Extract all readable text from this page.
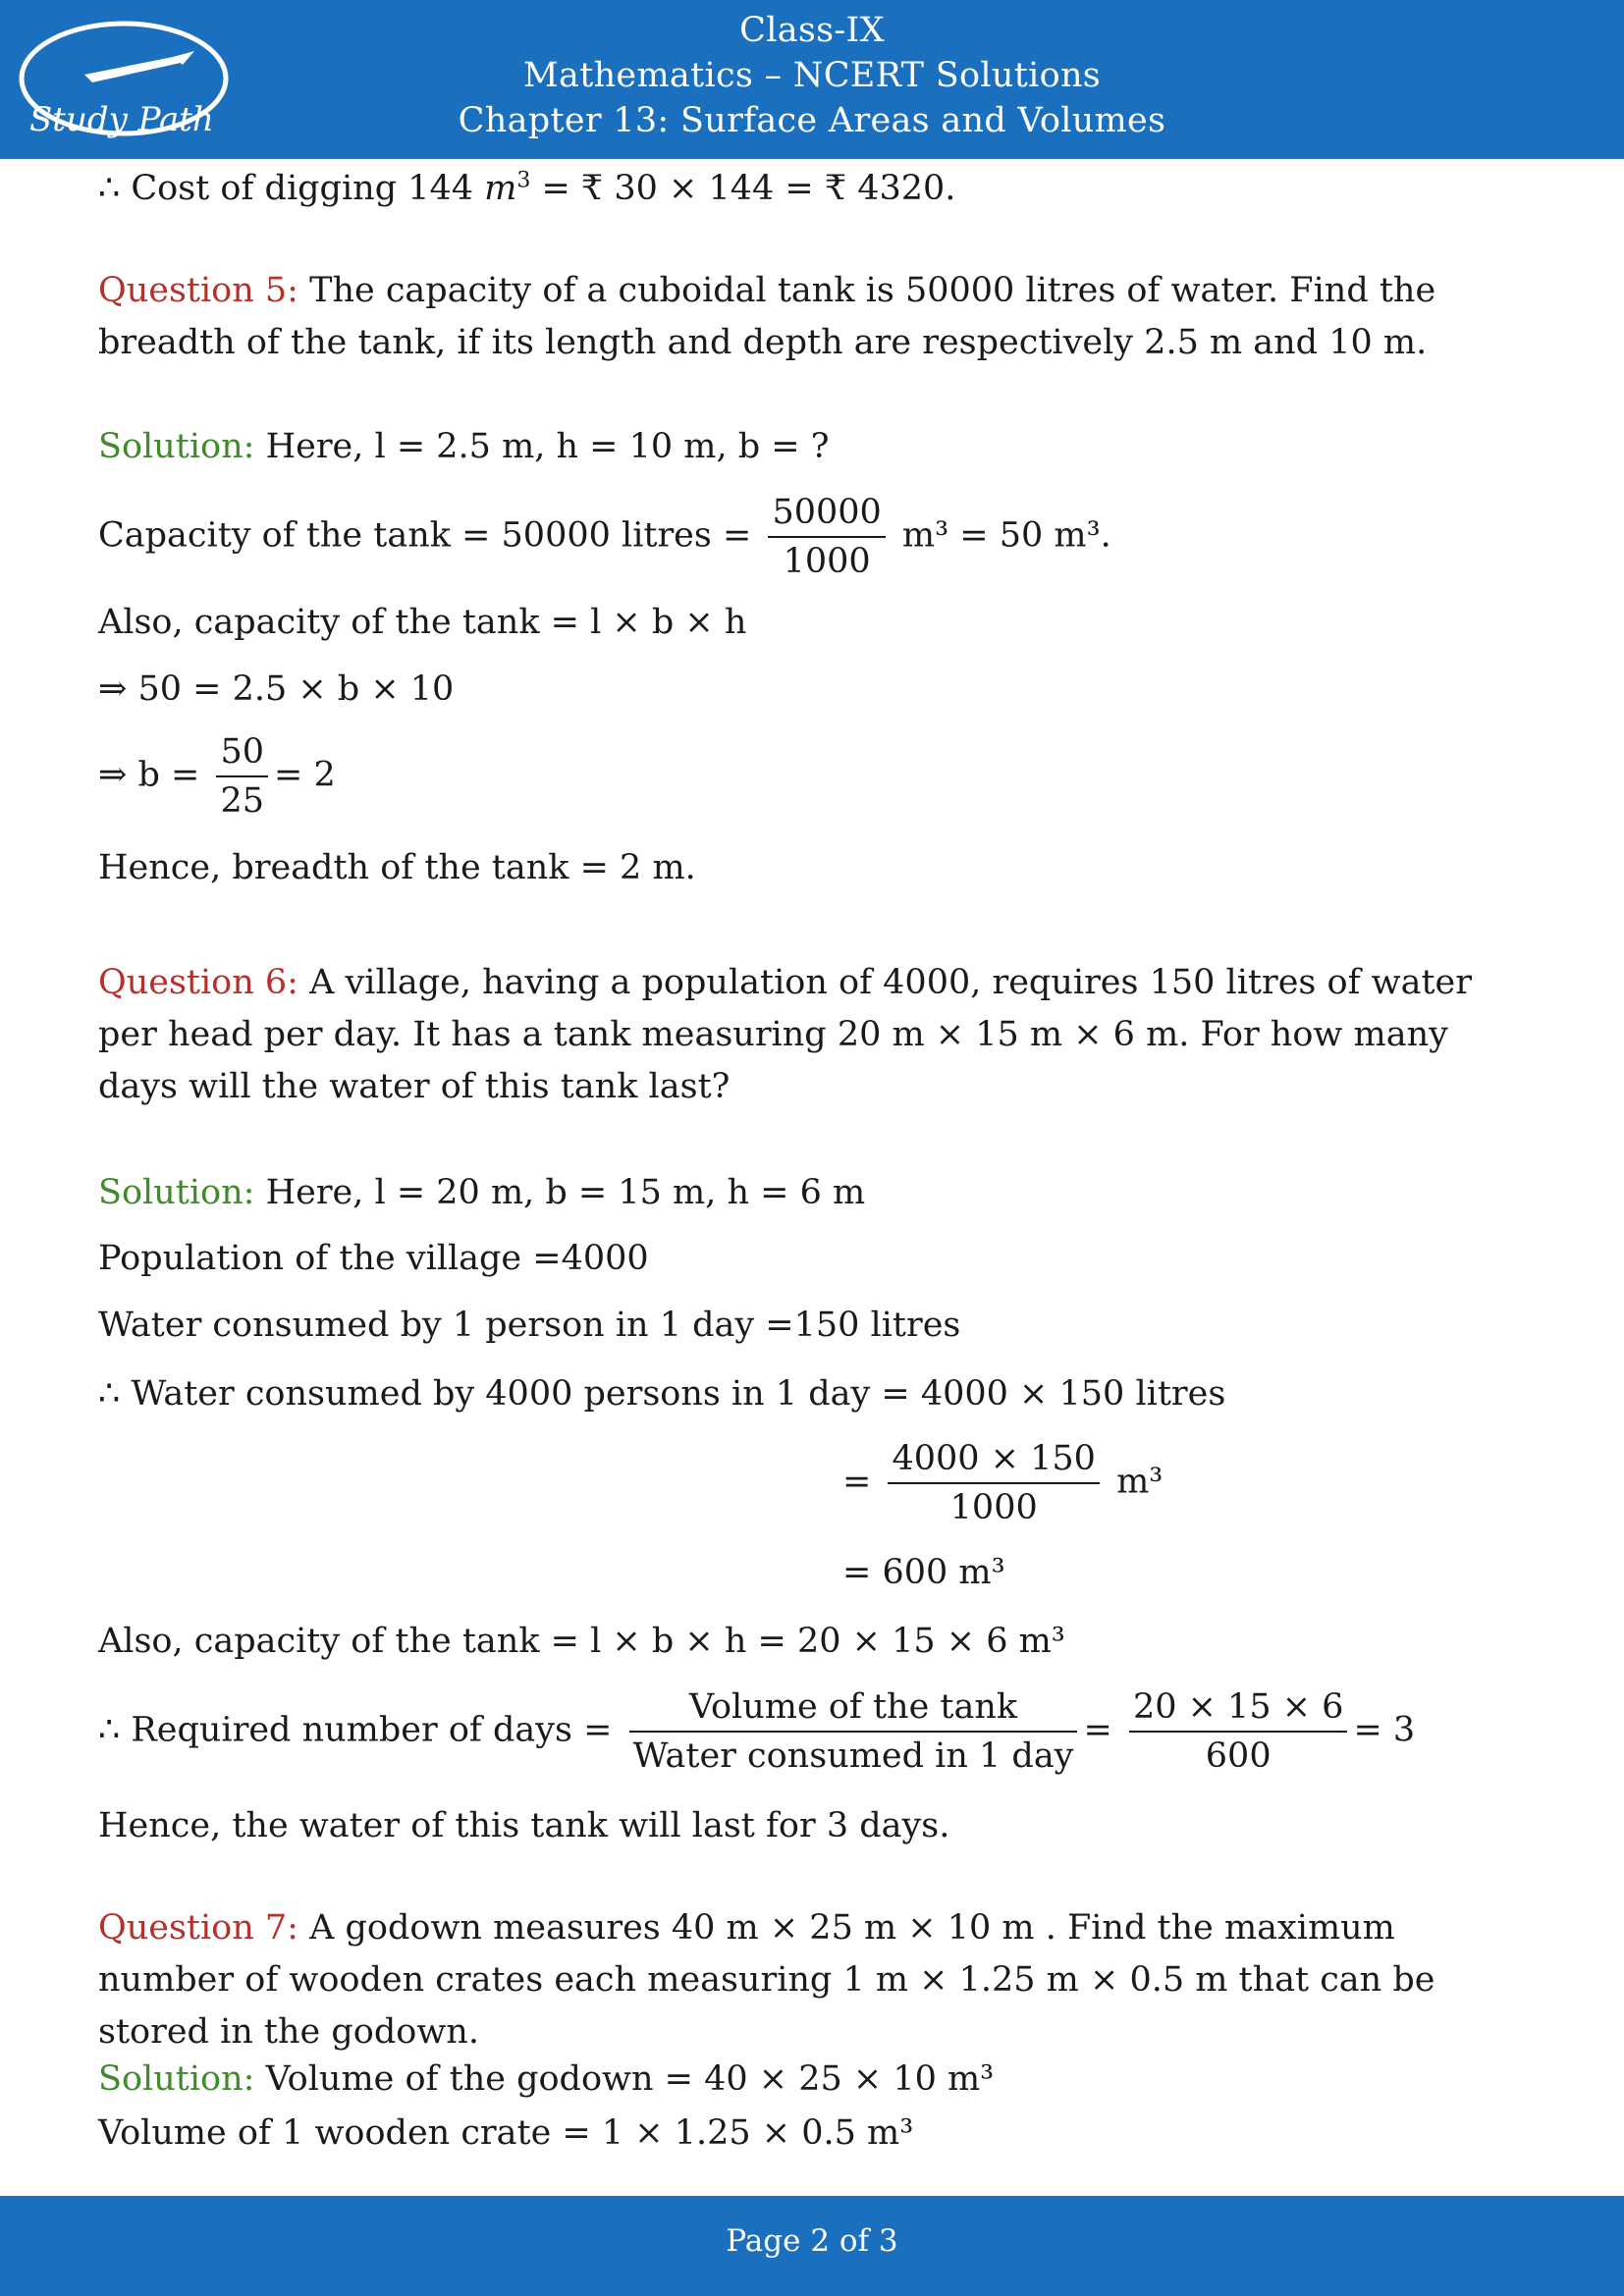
Study Path
Class-IX
Mathematics – NCERT Solutions
Chapter 13: Surface Areas and Volumes
∴ Cost of digging 144 $m^3$ = ₹ 30 × 144 = ₹ 4320.
Question 5: The capacity of a cuboidal tank is 50000 litres of water. Find the breadth of the tank, if its length and depth are respectively 2.5 m and 10 m.
Solution: Here, l = 2.5 m, h = 10 m, b = ?
Capacity of the tank = 50000 litres = $\frac{50000}{1000} m^3 = 50$ m³.
Also, capacity of the tank = l × b × h
⇒ 50 = 2.5 × b × 10
⇒ $b = \frac{50}{25} = 2$
Hence, breadth of the tank = 2 m.
Question 6: A village, having a population of 4000, requires 150 litres of water per head per day. It has a tank measuring 20 m × 15 m × 6 m. For how many days will the water of this tank last?
Solution: Here, l = 20 m, b = 15 m, h = 6 m
Population of the village =4000
Water consumed by 1 person in 1 day =150 litres
∴ Water consumed by 4000 persons in 1 day = 4000 × 150 litres
= $\frac{4000 \times 150}{1000} m^3$
= 600 m³
Also, capacity of the tank = l × b × h = 20 × 15 × 6 m³
∴ Required number of days = $\frac{\text{Volume of the tank}}{\text{Water consumed in 1 day}} = \frac{20 \times 15 \times 6}{600} = 3$
Hence, the water of this tank will last for 3 days.
Question 7: A godown measures 40 m × 25 m × 10 m . Find the maximum number of wooden crates each measuring 1 m × 1.25 m × 0.5 m that can be stored in the godown.
Solution: Volume of the godown = 40 × 25 × 10 m³
Volume of 1 wooden crate = 1 × 1.25 × 0.5 m³
Page 2 of 3
